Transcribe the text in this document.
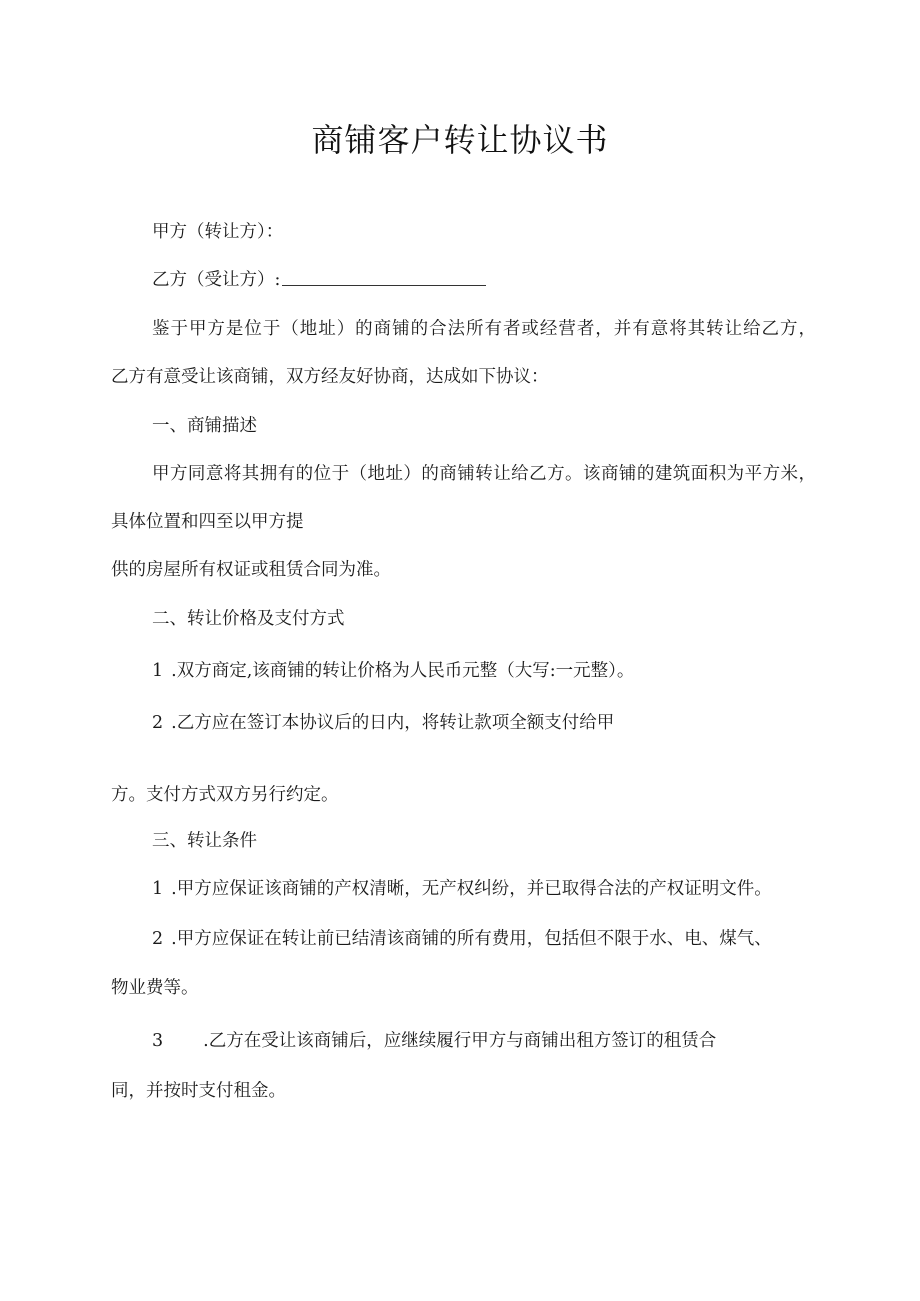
商铺客户转让协议书
甲方（转让方）：
乙方（受让方）:
鉴于甲方是位于（地址）的商铺的合法所有者或经营者，并有意将其转让给乙方，
乙方有意受让该商铺，双方经友好协商，达成如下协议：
一、商铺描述
甲方同意将其拥有的位于（地址）的商铺转让给乙方。该商铺的建筑面积为平方米，
具体位置和四至以甲方提
供的房屋所有权证或租赁合同为准。
二、转让价格及支付方式
1 .双方商定,该商铺的转让价格为人民币元整（大写:一元整）。
2 .乙方应在签订本协议后的日内，将转让款项全额支付给甲
方。支付方式双方另行约定。
三、转让条件
1 .甲方应保证该商铺的产权清晰，无产权纠纷，并已取得合法的产权证明文件。
2 .甲方应保证在转让前已结清该商铺的所有费用，包括但不限于水、电、煤气、
物业费等。
3 .乙方在受让该商铺后，应继续履行甲方与商铺出租方签订的租赁合
同，并按时支付租金。
